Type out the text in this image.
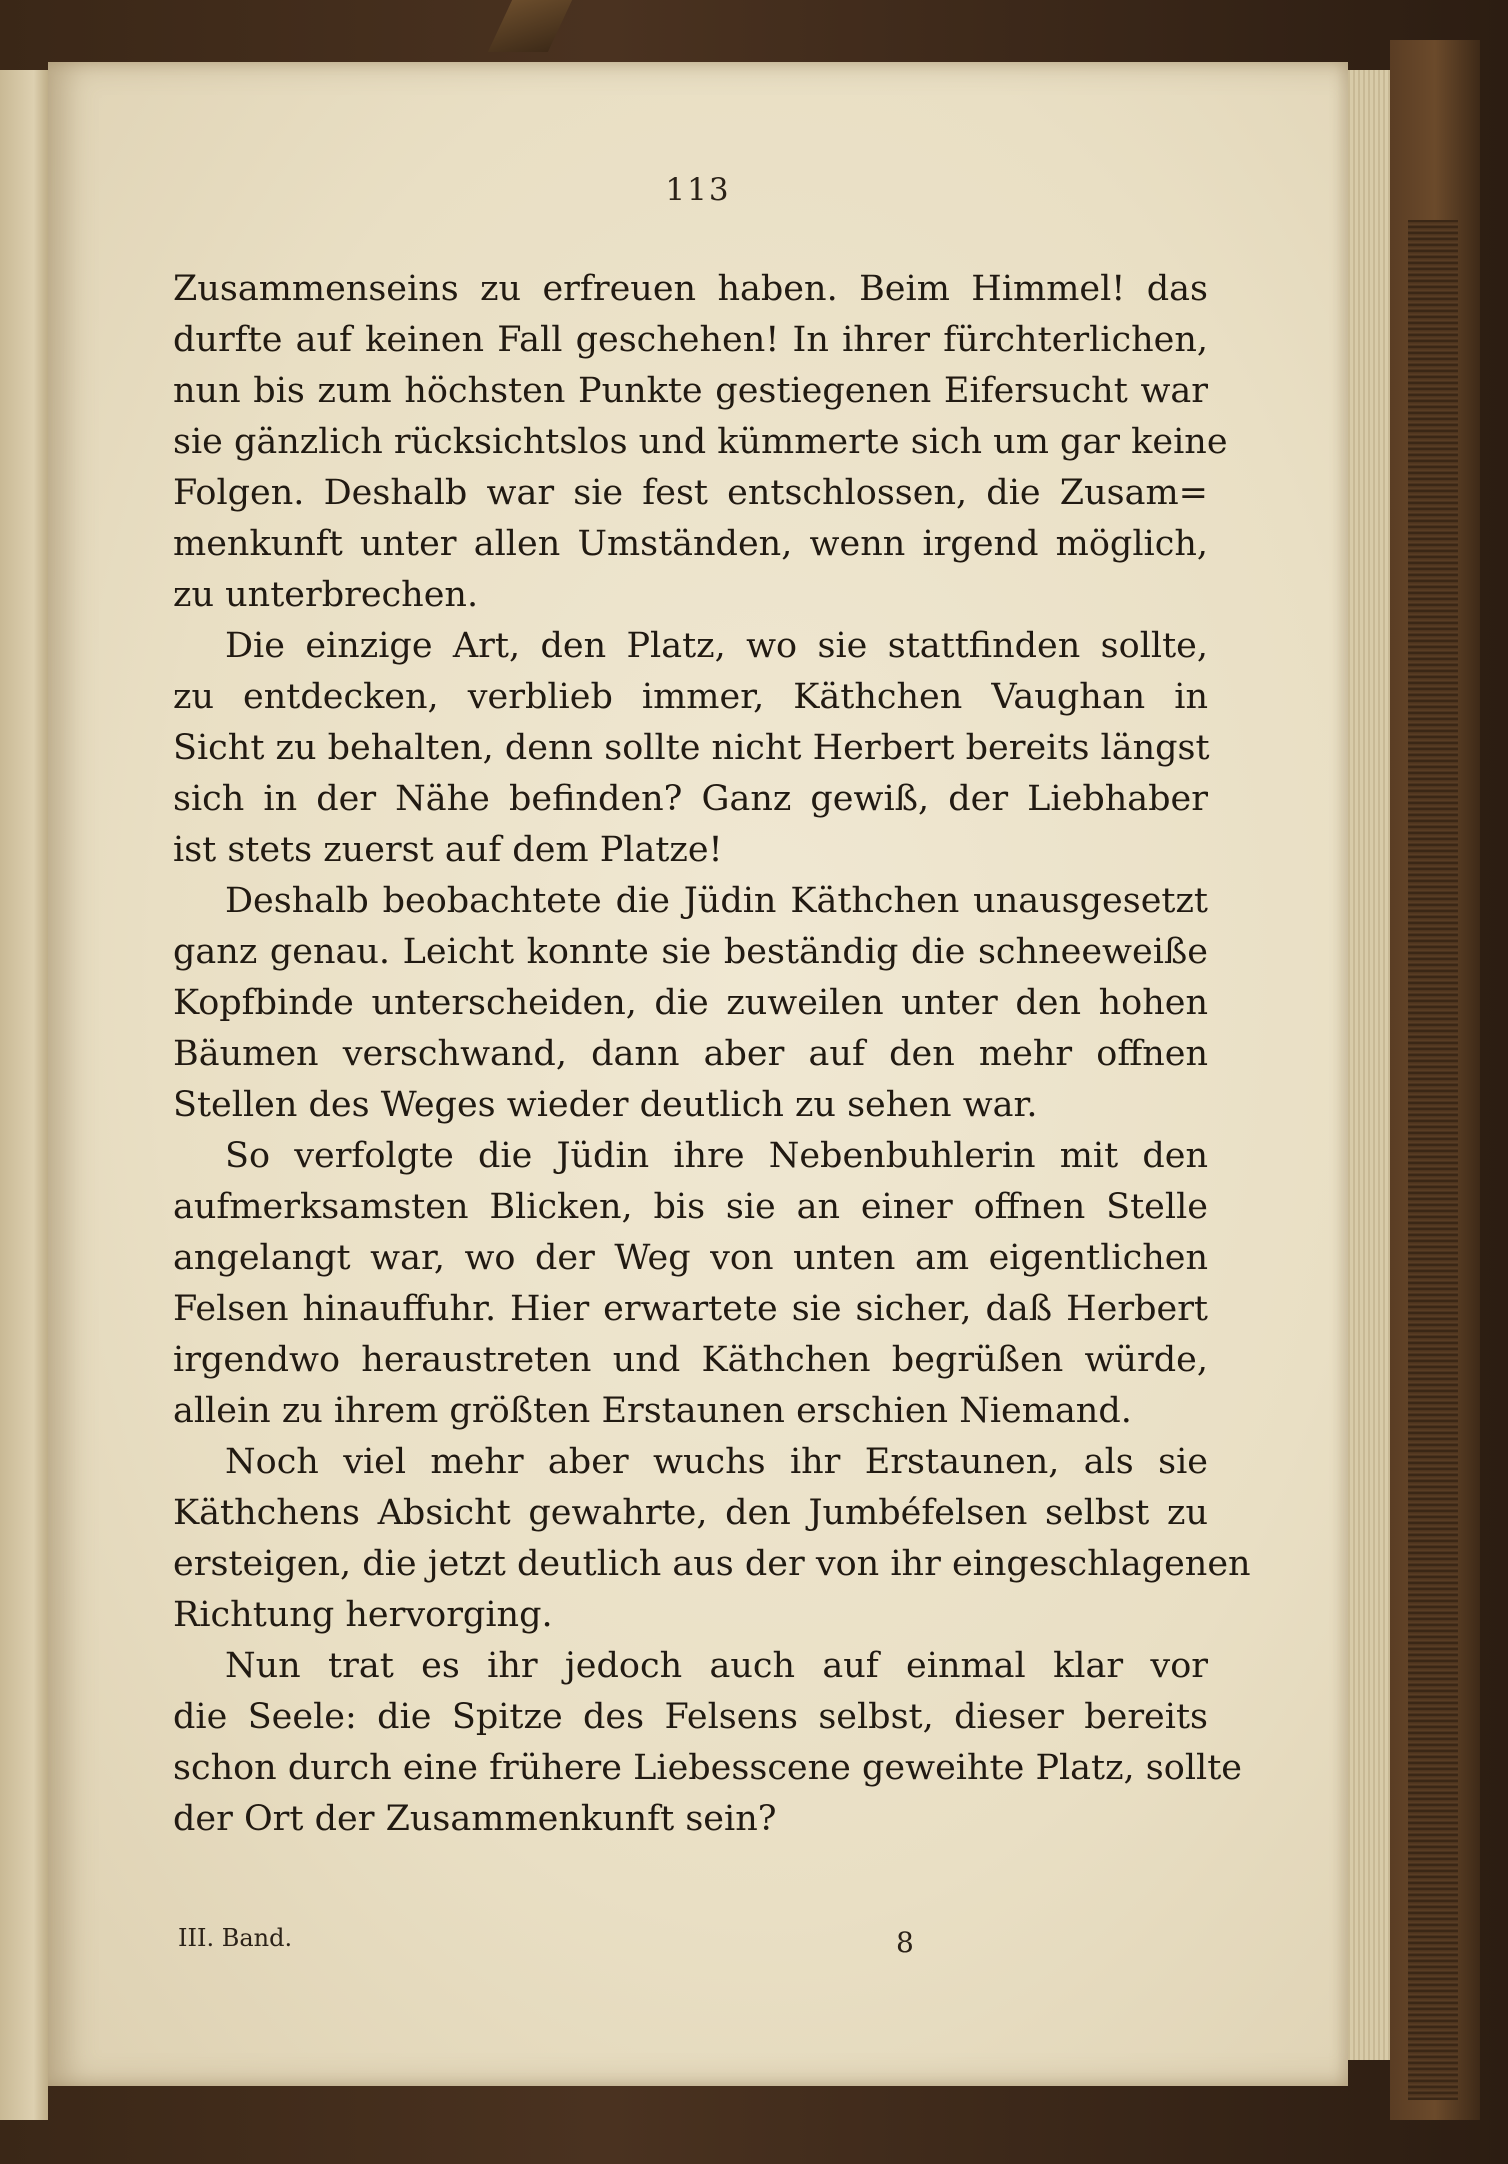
113
Zusammenseins zu erfreuen haben. Beim Himmel! das
durfte auf keinen Fall geschehen! In ihrer fürchterlichen,
nun bis zum höchsten Punkte gestiegenen Eifersucht war
sie gänzlich rücksichtslos und kümmerte sich um gar keine
Folgen. Deshalb war sie fest entschlossen, die Zusam=
menkunft unter allen Umständen, wenn irgend möglich,
zu unterbrechen.
Die einzige Art, den Platz, wo sie stattfinden sollte,
zu entdecken, verblieb immer, Käthchen Vaughan in
Sicht zu behalten, denn sollte nicht Herbert bereits längst
sich in der Nähe befinden? Ganz gewiß, der Liebhaber
ist stets zuerst auf dem Platze!
Deshalb beobachtete die Jüdin Käthchen unausgesetzt
ganz genau. Leicht konnte sie beständig die schneeweiße
Kopfbinde unterscheiden, die zuweilen unter den hohen
Bäumen verschwand, dann aber auf den mehr offnen
Stellen des Weges wieder deutlich zu sehen war.
So verfolgte die Jüdin ihre Nebenbuhlerin mit den
aufmerksamsten Blicken, bis sie an einer offnen Stelle
angelangt war, wo der Weg von unten am eigentlichen
Felsen hinauffuhr. Hier erwartete sie sicher, daß Herbert
irgendwo heraustreten und Käthchen begrüßen würde,
allein zu ihrem größten Erstaunen erschien Niemand.
Noch viel mehr aber wuchs ihr Erstaunen, als sie
Käthchens Absicht gewahrte, den Jumbéfelsen selbst zu
ersteigen, die jetzt deutlich aus der von ihr eingeschlagenen
Richtung hervorging.
Nun trat es ihr jedoch auch auf einmal klar vor
die Seele: die Spitze des Felsens selbst, dieser bereits
schon durch eine frühere Liebesscene geweihte Platz, sollte
der Ort der Zusammenkunft sein?
III. Band.	8
